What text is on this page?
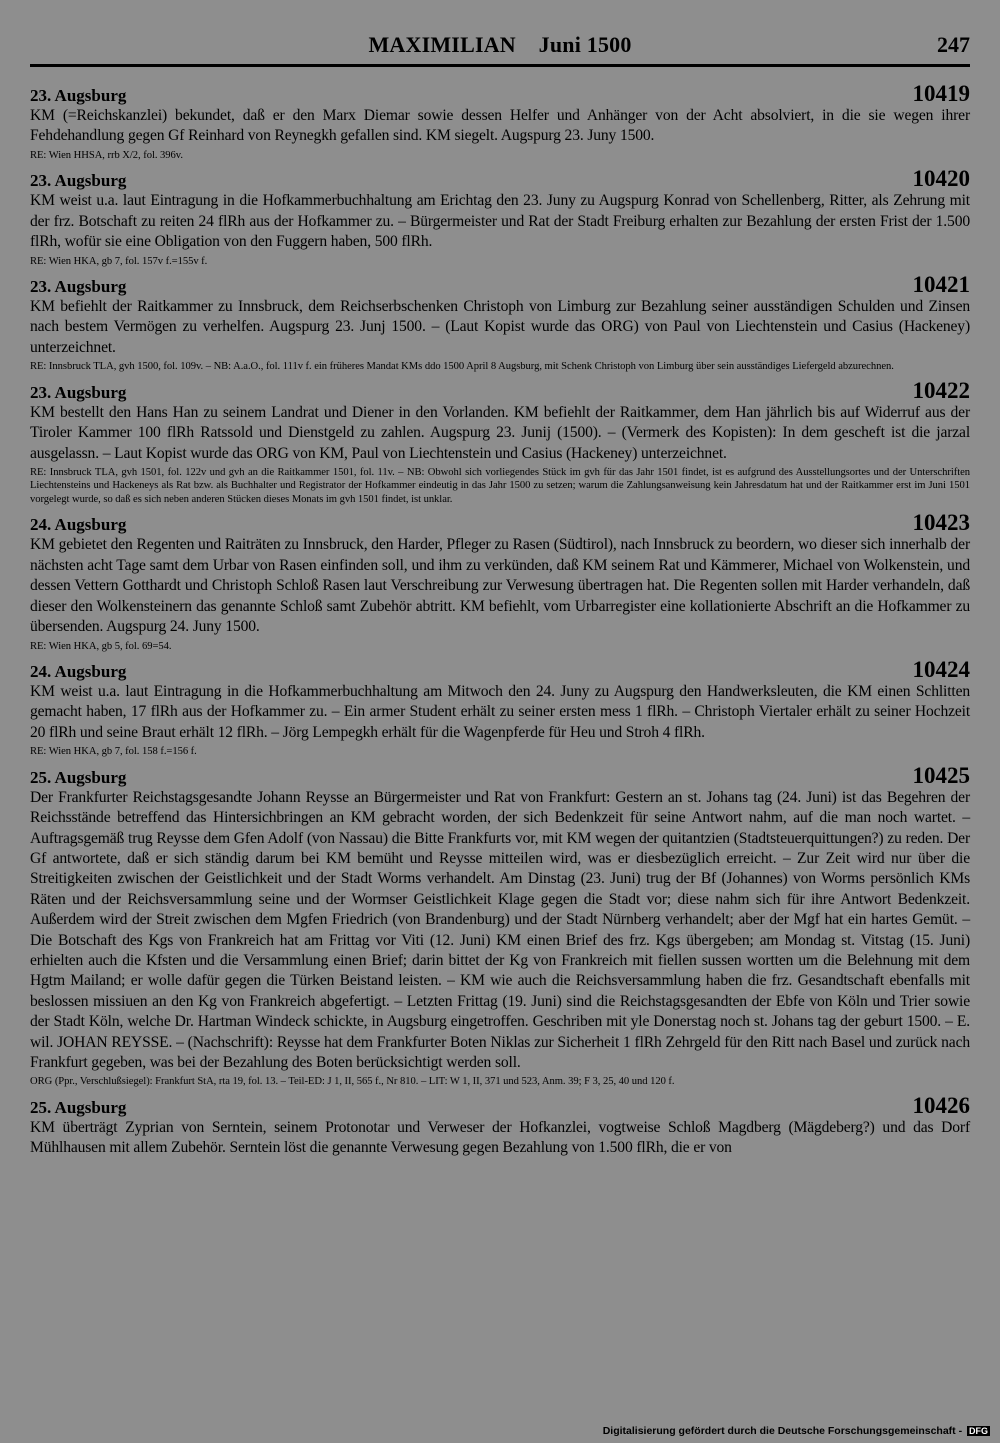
MAXIMILIAN    Juni 1500	247
23. Augsburg	10419
KM (=Reichskanzlei) bekundet, daß er den Marx Diemar sowie dessen Helfer und Anhänger von der Acht absolviert, in die sie wegen ihrer Fehdehandlung gegen Gf Reinhard von Reynegkh gefallen sind. KM siegelt. Augspurg 23. Juny 1500.
RE: Wien HHSA, rrb X/2, fol. 396v.
23. Augsburg	10420
KM weist u.a. laut Eintragung in die Hofkammerbuchhaltung am Erichtag den 23. Juny zu Augspurg Konrad von Schellenberg, Ritter, als Zehrung mit der frz. Botschaft zu reiten 24 flRh aus der Hofkammer zu. – Bürgermeister und Rat der Stadt Freiburg erhalten zur Bezahlung der ersten Frist der 1.500 flRh, wofür sie eine Obligation von den Fuggern haben, 500 flRh.
RE: Wien HKA, gb 7, fol. 157v f.=155v f.
23. Augsburg	10421
KM befiehlt der Raitkammer zu Innsbruck, dem Reichserbschenken Christoph von Limburg zur Bezahlung seiner ausständigen Schulden und Zinsen nach bestem Vermögen zu verhelfen. Augspurg 23. Junj 1500. – (Laut Kopist wurde das ORG) von Paul von Liechtenstein und Casius (Hackeney) unterzeichnet.
RE: Innsbruck TLA, gvh 1500, fol. 109v. – NB: A.a.O., fol. 111v f. ein früheres Mandat KMs ddo 1500 April 8 Augsburg, mit Schenk Christoph von Limburg über sein ausständiges Liefergeld abzurechnen.
23. Augsburg	10422
KM bestellt den Hans Han zu seinem Landrat und Diener in den Vorlanden. KM befiehlt der Raitkammer, dem Han jährlich bis auf Widerruf aus der Tiroler Kammer 100 flRh Ratssold und Dienstgeld zu zahlen. Augspurg 23. Junij (1500). – (Vermerk des Kopisten): In dem gescheft ist die jarzal ausgelassn. – Laut Kopist wurde das ORG von KM, Paul von Liechtenstein und Casius (Hackeney) unterzeichnet.
RE: Innsbruck TLA, gvh 1501, fol. 122v und gvh an die Raitkammer 1501, fol. 11v. – NB: Obwohl sich vorliegendes Stück im gvh für das Jahr 1501 findet, ist es aufgrund des Ausstellungsortes und der Unterschriften Liechtensteins und Hackeneys als Rat bzw. als Buchhalter und Registrator der Hofkammer eindeutig in das Jahr 1500 zu setzen; warum die Zahlungsanweisung kein Jahresdatum hat und der Raitkammer erst im Juni 1501 vorgelegt wurde, so daß es sich neben anderen Stücken dieses Monats im gvh 1501 findet, ist unklar.
24. Augsburg	10423
KM gebietet den Regenten und Raiträten zu Innsbruck, den Harder, Pfleger zu Rasen (Südtirol), nach Innsbruck zu beordern, wo dieser sich innerhalb der nächsten acht Tage samt dem Urbar von Rasen einfinden soll, und ihm zu verkünden, daß KM seinem Rat und Kämmerer, Michael von Wolkenstein, und dessen Vettern Gotthardt und Christoph Schloß Rasen laut Verschreibung zur Verwesung übertragen hat. Die Regenten sollen mit Harder verhandeln, daß dieser den Wolkensteinern das genannte Schloß samt Zubehör abtritt. KM befiehlt, vom Urbarregister eine kollationierte Abschrift an die Hofkammer zu übersenden. Augspurg 24. Juny 1500.
RE: Wien HKA, gb 5, fol. 69=54.
24. Augsburg	10424
KM weist u.a. laut Eintragung in die Hofkammerbuchhaltung am Mitwoch den 24. Juny zu Augspurg den Handwerksleuten, die KM einen Schlitten gemacht haben, 17 flRh aus der Hofkammer zu. – Ein armer Student erhält zu seiner ersten mess 1 flRh. – Christoph Viertaler erhält zu seiner Hochzeit 20 flRh und seine Braut erhält 12 flRh. – Jörg Lempegkh erhält für die Wagenpferde für Heu und Stroh 4 flRh.
RE: Wien HKA, gb 7, fol. 158 f.=156 f.
25. Augsburg	10425
Der Frankfurter Reichstagsgesandte Johann Reysse an Bürgermeister und Rat von Frankfurt: Gestern an st. Johans tag (24. Juni) ist das Begehren der Reichsstände betreffend das Hintersichbringen an KM gebracht worden, der sich Bedenkzeit für seine Antwort nahm, auf die man noch wartet. – Auftragsgemäß trug Reysse dem Gfen Adolf (von Nassau) die Bitte Frankfurts vor, mit KM wegen der quitantzien (Stadtsteuerquittungen?) zu reden. Der Gf antwortete, daß er sich ständig darum bei KM bemüht und Reysse mitteilen wird, was er diesbezüglich erreicht. – Zur Zeit wird nur über die Streitigkeiten zwischen der Geistlichkeit und der Stadt Worms verhandelt. Am Dinstag (23. Juni) trug der Bf (Johannes) von Worms persönlich KMs Räten und der Reichsversammlung seine und der Wormser Geistlichkeit Klage gegen die Stadt vor; diese nahm sich für ihre Antwort Bedenkzeit. Außerdem wird der Streit zwischen dem Mgfen Friedrich (von Brandenburg) und der Stadt Nürnberg verhandelt; aber der Mgf hat ein hartes Gemüt. – Die Botschaft des Kgs von Frankreich hat am Frittag vor Viti (12. Juni) KM einen Brief des frz. Kgs übergeben; am Mondag st. Vitstag (15. Juni) erhielten auch die Kfsten und die Versammlung einen Brief; darin bittet der Kg von Frankreich mit fiellen sussen wortten um die Belehnung mit dem Hgtm Mailand; er wolle dafür gegen die Türken Beistand leisten. – KM wie auch die Reichsversammlung haben die frz. Gesandtschaft ebenfalls mit beslossen missiuen an den Kg von Frankreich abgefertigt. – Letzten Frittag (19. Juni) sind die Reichstagsgesandten der Ebfe von Köln und Trier sowie der Stadt Köln, welche Dr. Hartman Windeck schickte, in Augsburg eingetroffen. Geschriben mit yle Donerstag noch st. Johans tag der geburt 1500. – E. wil. JOHAN REYSSE. – (Nachschrift): Reysse hat dem Frankfurter Boten Niklas zur Sicherheit 1 flRh Zehrgeld für den Ritt nach Basel und zurück nach Frankfurt gegeben, was bei der Bezahlung des Boten berücksichtigt werden soll.
ORG (Ppr., Verschlußsiegel): Frankfurt StA, rta 19, fol. 13. – Teil-ED: J 1, II, 565 f., Nr 810. – LIT: W 1, II, 371 und 523, Anm. 39; F 3, 25, 40 und 120 f.
25. Augsburg	10426
KM überträgt Zyprian von Serntein, seinem Protonotar und Verweser der Hofkanzlei, vogtweise Schloß Magdberg (Mägdeberg?) und das Dorf Mühlhausen mit allem Zubehör. Serntein löst die genannte Verwesung gegen Bezahlung von 1.500 flRh, die er von
Digitalisierung gefördert durch die Deutsche Forschungsgemeinschaft - DFG
